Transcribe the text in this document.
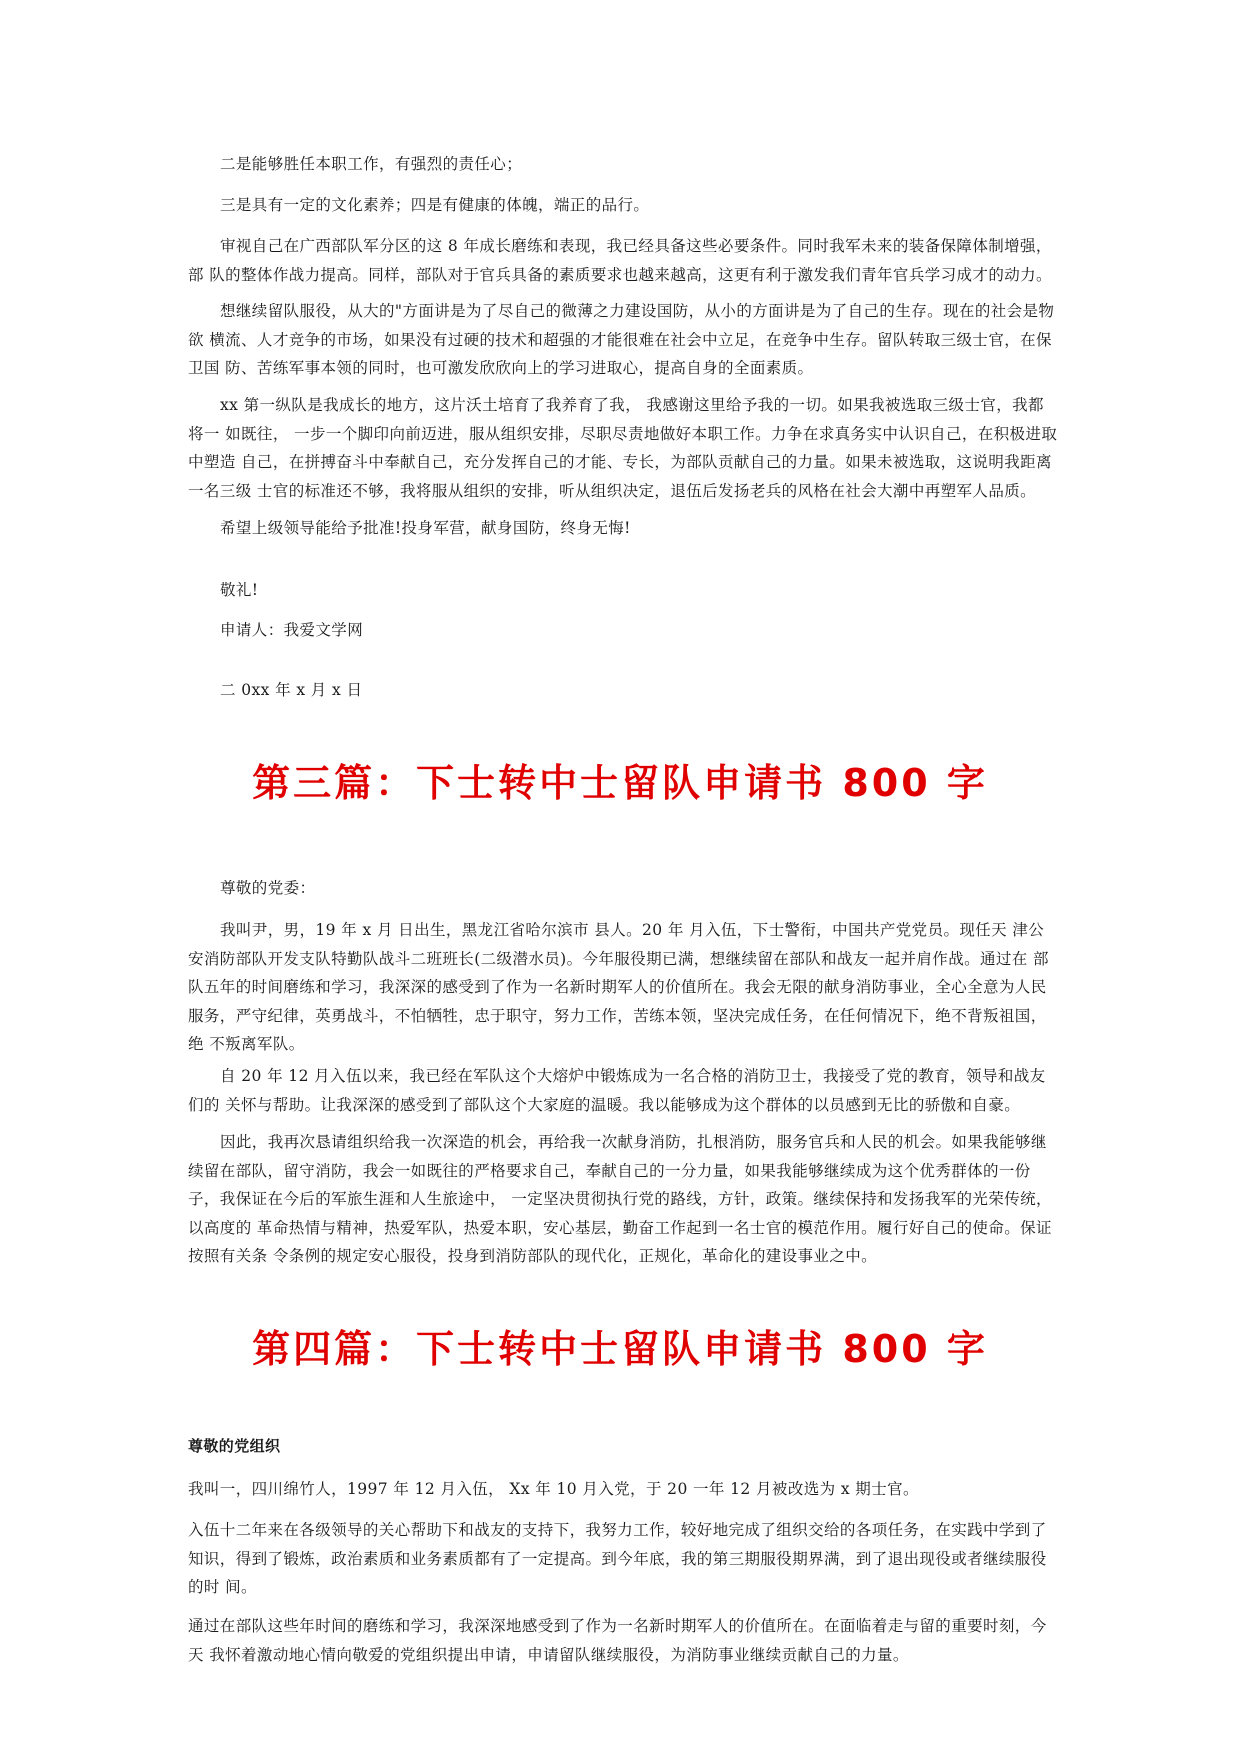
二是能够胜任本职工作，有强烈的责任心；

三是具有一定的文化素养；四是有健康的体魄，端正的品行。

审视自己在广西部队军分区的这 8 年成长磨练和表现，我已经具备这些必要条件。同时我军未来的装备保障体制增强，部 队的整体作战力提高。同样，部队对于官兵具备的素质要求也越来越高，这更有利于激发我们青年官兵学习成才的动力。

想继续留队服役，从大的"方面讲是为了尽自己的微薄之力建设国防，从小的方面讲是为了自己的生存。现在的社会是物欲 横流、人才竞争的市场，如果没有过硬的技术和超强的才能很难在社会中立足，在竞争中生存。留队转取三级士官，在保卫国 防、苦练军事本领的同时，也可激发欣欣向上的学习进取心，提高自身的全面素质。

xx 第一纵队是我成长的地方，这片沃土培育了我养育了我， 我感谢这里给予我的一切。如果我被选取三级士官，我都将一 如既往， 一步一个脚印向前迈进，服从组织安排，尽职尽责地做好本职工作。力争在求真务实中认识自己，在积极进取中塑造 自己，在拼搏奋斗中奉献自己，充分发挥自己的才能、专长，为部队贡献自己的力量。如果未被选取，这说明我距离一名三级 士官的标准还不够，我将服从组织的安排，听从组织决定，退伍后发扬老兵的风格在社会大潮中再塑军人品质。

希望上级领导能给予批准!投身军营，献身国防，终身无悔!

敬礼!

申请人：我爱文学网

二 0xx 年 x 月 x 日

第三篇：下士转中士留队申请书 800 字

尊敬的党委：

我叫尹，男，19 年 x 月 日出生，黑龙江省哈尔滨市 县人。20 年 月入伍，下士警衔，中国共产党党员。现任天 津公安消防部队开发支队特勤队战斗二班班长(二级潜水员)。今年服役期已满，想继续留在部队和战友一起并肩作战。通过在 部队五年的时间磨练和学习，我深深的感受到了作为一名新时期军人的价值所在。我会无限的献身消防事业，全心全意为人民 服务，严守纪律，英勇战斗，不怕牺牲，忠于职守，努力工作，苦练本领，坚决完成任务，在任何情况下，绝不背叛祖国，绝 不叛离军队。

自 20 年 12 月入伍以来，我已经在军队这个大熔炉中锻炼成为一名合格的消防卫士，我接受了党的教育，领导和战友们的 关怀与帮助。让我深深的感受到了部队这个大家庭的温暖。我以能够成为这个群体的以员感到无比的骄傲和自豪。

因此，我再次恳请组织给我一次深造的机会，再给我一次献身消防，扎根消防，服务官兵和人民的机会。如果我能够继续留在部队，留守消防，我会一如既往的严格要求自己，奉献自己的一分力量，如果我能够继续成为这个优秀群体的一份子，我保证在今后的军旅生涯和人生旅途中， 一定坚决贯彻执行党的路线，方针，政策。继续保持和发扬我军的光荣传统，以高度的 革命热情与精神，热爱军队，热爱本职，安心基层，勤奋工作起到一名士官的模范作用。履行好自己的使命。保证按照有关条 令条例的规定安心服役，投身到消防部队的现代化，正规化，革命化的建设事业之中。

第四篇：下士转中士留队申请书 800 字

尊敬的党组织

我叫一，四川绵竹人，1997 年 12 月入伍， Xx 年 10 月入党，于 20 一年 12 月被改选为 x 期士官。

入伍十二年来在各级领导的关心帮助下和战友的支持下，我努力工作，较好地完成了组织交给的各项任务，在实践中学到了知识，得到了锻炼，政治素质和业务素质都有了一定提高。到今年底，我的第三期服役期界满，到了退出现役或者继续服役的时 间。

通过在部队这些年时间的磨练和学习，我深深地感受到了作为一名新时期军人的价值所在。在面临着走与留的重要时刻，今天 我怀着激动地心情向敬爱的党组织提出申请，申请留队继续服役，为消防事业继续贡献自己的力量。
